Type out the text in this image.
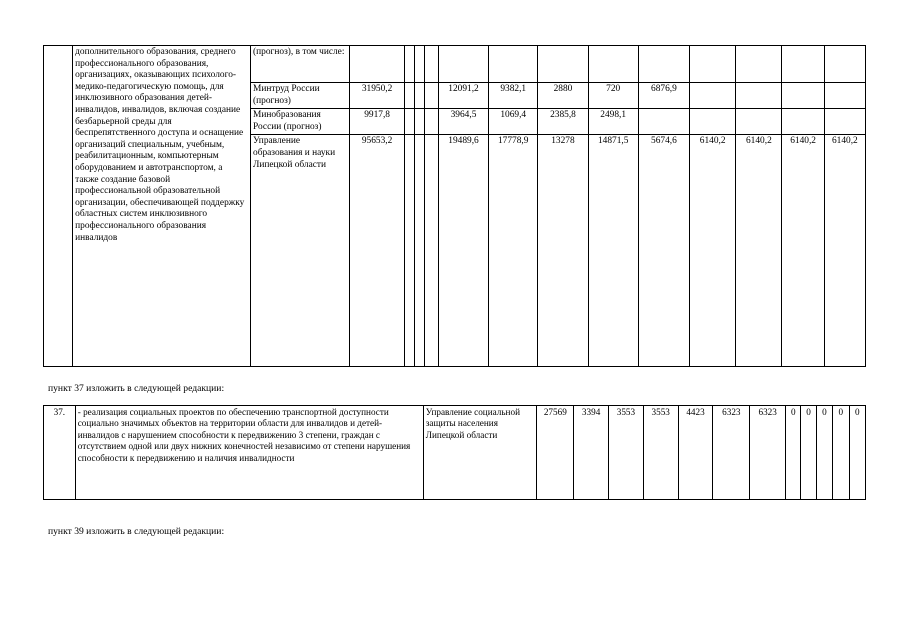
	дополнительного образования, среднего профессионального образования, организациях, оказывающих психолого-медико-педагогическую помощь, для инклюзивного образования детей-инвалидов, инвалидов, включая создание безбарьерной среды для беспрепятственного доступа и оснащение организаций специальным, учебным, реабилитационным, компьютерным оборудованием и автотранспортом, а также создание базовой профессиональной образовательной организации, обеспечивающей поддержку областных систем инклюзивного профессионального образования инвалидов	(прогноз), в том числе:													
		Минтруд России (прогноз)	31950,2				12091,2	9382,1	2880	720	6876,9				
		Минобразования России (прогноз)	9917,8				3964,5	1069,4	2385,8	2498,1					
		Управление образования и науки Липецкой области	95653,2				19489,6	17778,9	13278	14871,5	5674,6	6140,2	6140,2	6140,2	6140,2
пункт 37 изложить в следующей редакции:
37.	- реализация социальных проектов по обеспечению транспортной доступности социально значимых объектов на территории области для инвалидов и детей-инвалидов с нарушением способности к передвижению 3 степени, граждан с отсутствием одной или двух нижних конечностей независимо от степени нарушения способности к передвижению и наличия инвалидности	Управление социальной защиты населения Липецкой области	27569	3394	3553	3553	4423	6323	6323	0	0	0	0	0
пункт 39 изложить в следующей редакции:
